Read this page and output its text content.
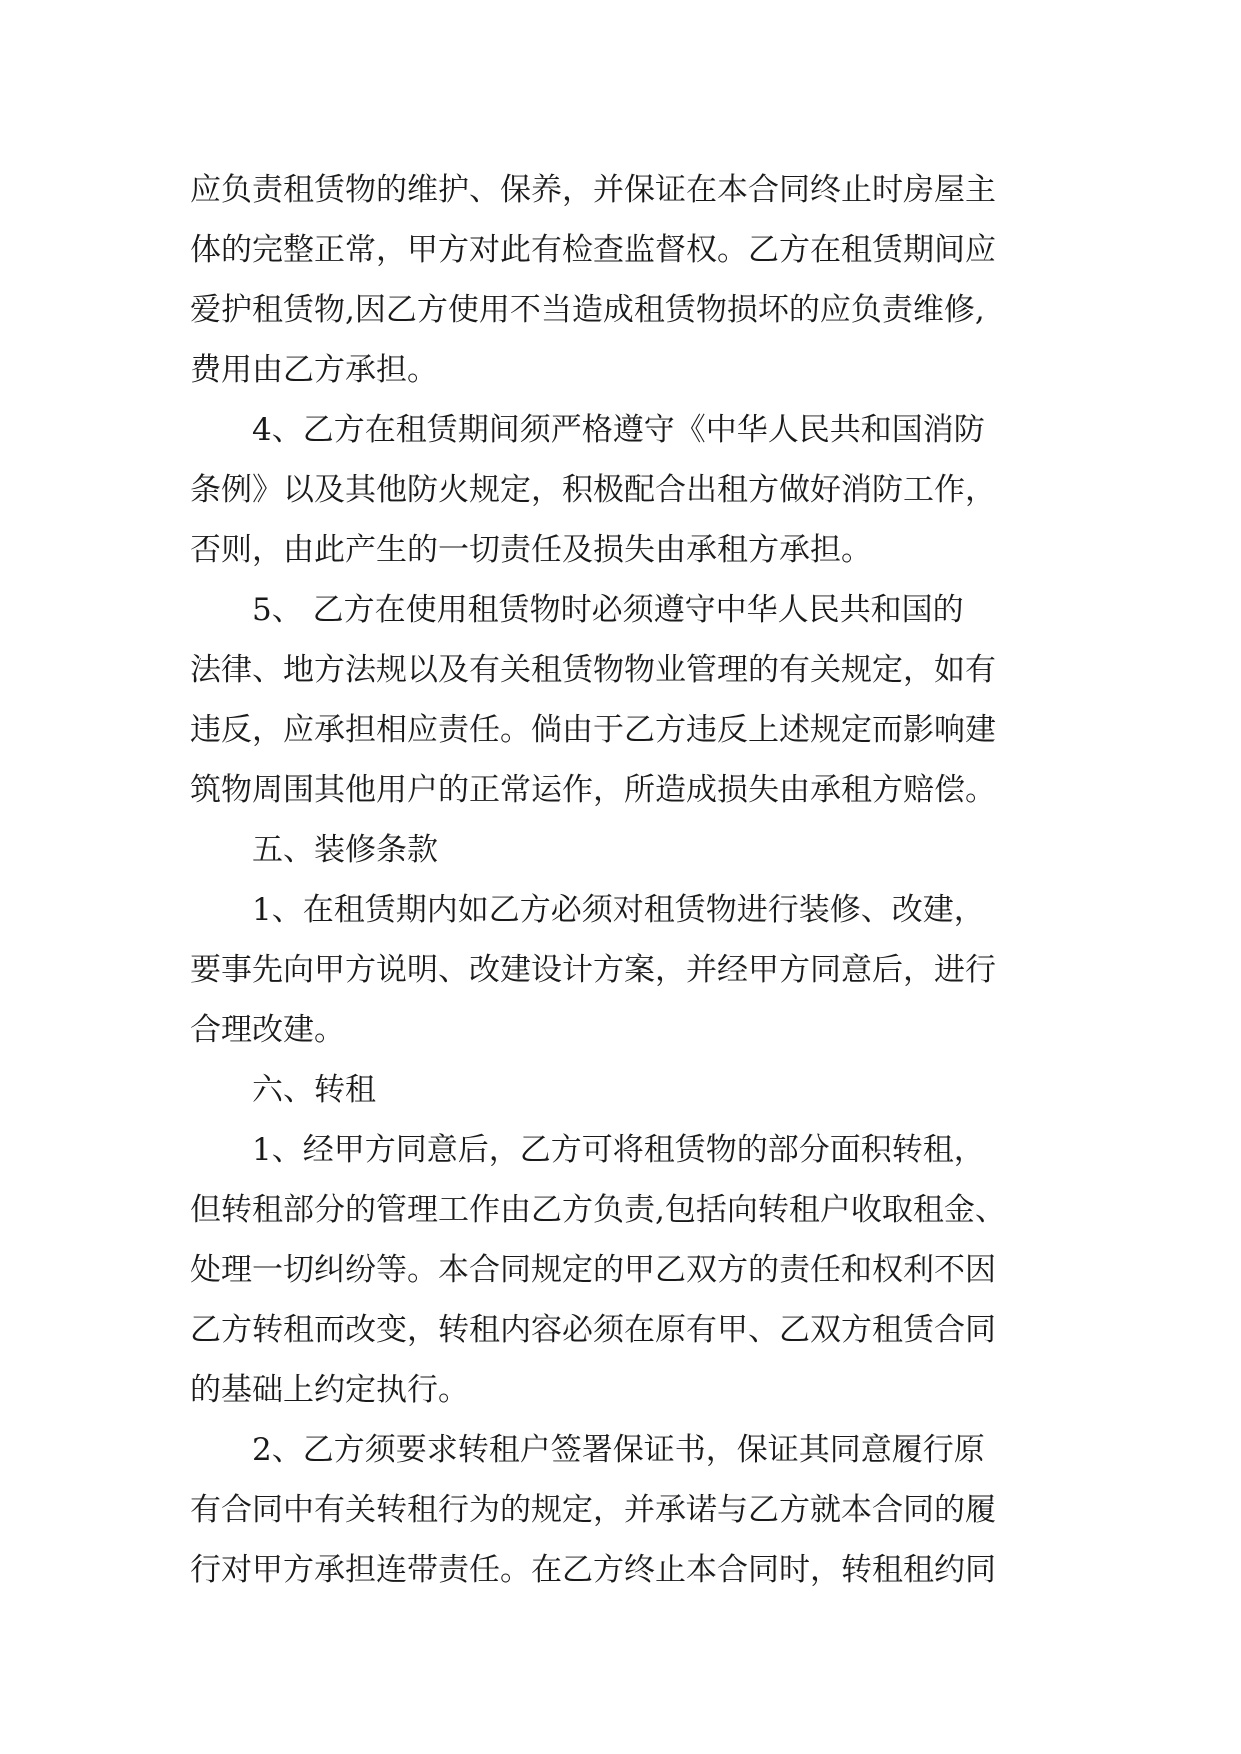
应负责租赁物的维护、保养，并保证在本合同终止时房屋主
体的完整正常，甲方对此有检查监督权。乙方在租赁期间应
爱护租赁物,因乙方使用不当造成租赁物损坏的应负责维修,
费用由乙方承担。
4、乙方在租赁期间须严格遵守《中华人民共和国消防
条例》以及其他防火规定，积极配合出租方做好消防工作，
否则，由此产生的一切责任及损失由承租方承担。
5、 乙方在使用租赁物时必须遵守中华人民共和国的
法律、地方法规以及有关租赁物物业管理的有关规定，如有
违反，应承担相应责任。倘由于乙方违反上述规定而影响建
筑物周围其他用户的正常运作，所造成损失由承租方赔偿。
五、装修条款
1、在租赁期内如乙方必须对租赁物进行装修、改建，
要事先向甲方说明、改建设计方案，并经甲方同意后，进行
合理改建。
六、转租
1、经甲方同意后，乙方可将租赁物的部分面积转租，
但转租部分的管理工作由乙方负责,包括向转租户收取租金、
处理一切纠纷等。本合同规定的甲乙双方的责任和权利不因
乙方转租而改变，转租内容必须在原有甲、乙双方租赁合同
的基础上约定执行。
2、乙方须要求转租户签署保证书，保证其同意履行原
有合同中有关转租行为的规定，并承诺与乙方就本合同的履
行对甲方承担连带责任。在乙方终止本合同时，转租租约同
